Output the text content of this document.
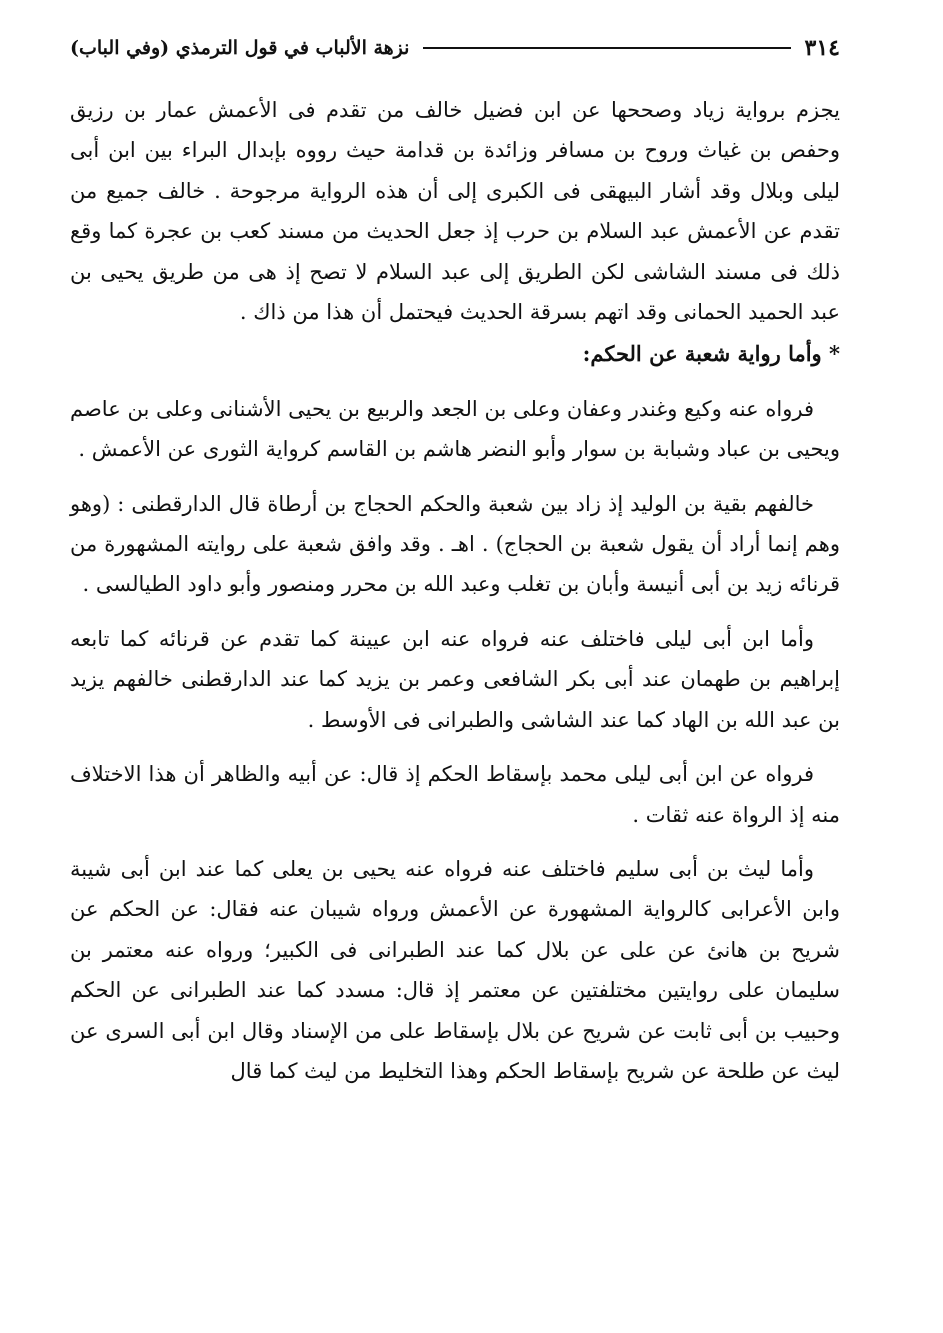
نزهة الألباب في قول الترمذي (وفي الباب)	٣١٤

يجزم برواية زياد وصححها عن ابن فضيل خالف من تقدم فى الأعمش عمار بن رزيق وحفص بن غياث وروح بن مسافر وزائدة بن قدامة حيث رووه بإبدال البراء بين ابن أبى ليلى وبلال وقد أشار البيهقى فى الكبرى إلى أن هذه الرواية مرجوحة . خالف جميع من تقدم عن الأعمش عبد السلام بن حرب إذ جعل الحديث من مسند كعب بن عجرة كما وقع ذلك فى مسند الشاشى لكن الطريق إلى عبد السلام لا تصح إذ هى من طريق يحيى بن عبد الحميد الحمانى وقد اتهم بسرقة الحديث فيحتمل أن هذا من ذاك .

* وأما رواية شعبة عن الحكم:

فرواه عنه وكيع وغندر وعفان وعلى بن الجعد والربيع بن يحيى الأشنانى وعلى بن عاصم ويحيى بن عباد وشبابة بن سوار وأبو النضر هاشم بن القاسم كرواية الثورى عن الأعمش .

خالفهم بقية بن الوليد إذ زاد بين شعبة والحكم الحجاج بن أرطاة قال الدارقطنى : (وهو وهم إنما أراد أن يقول شعبة بن الحجاج) . اهـ . وقد وافق شعبة على روايته المشهورة من قرنائه زيد بن أبى أنيسة وأبان بن تغلب وعبد الله بن محرر ومنصور وأبو داود الطيالسى .

وأما ابن أبى ليلى فاختلف عنه فرواه عنه ابن عيينة كما تقدم عن قرنائه كما تابعه إبراهيم بن طهمان عند أبى بكر الشافعى وعمر بن يزيد كما عند الدارقطنى خالفهم يزيد بن عبد الله بن الهاد كما عند الشاشى والطبرانى فى الأوسط .

فرواه عن ابن أبى ليلى محمد بإسقاط الحكم إذ قال: عن أبيه والظاهر أن هذا الاختلاف منه إذ الرواة عنه ثقات .

وأما ليث بن أبى سليم فاختلف عنه فرواه عنه يحيى بن يعلى كما عند ابن أبى شيبة وابن الأعرابى كالرواية المشهورة عن الأعمش ورواه شيبان عنه فقال: عن الحكم عن شريح بن هانئ عن على عن بلال كما عند الطبرانى فى الكبير؛ ورواه عنه معتمر بن سليمان على روايتين مختلفتين عن معتمر إذ قال: مسدد كما عند الطبرانى عن الحكم وحبيب بن أبى ثابت عن شريح عن بلال بإسقاط على من الإسناد وقال ابن أبى السرى عن ليث عن طلحة عن شريح بإسقاط الحكم وهذا التخليط من ليث كما قال
